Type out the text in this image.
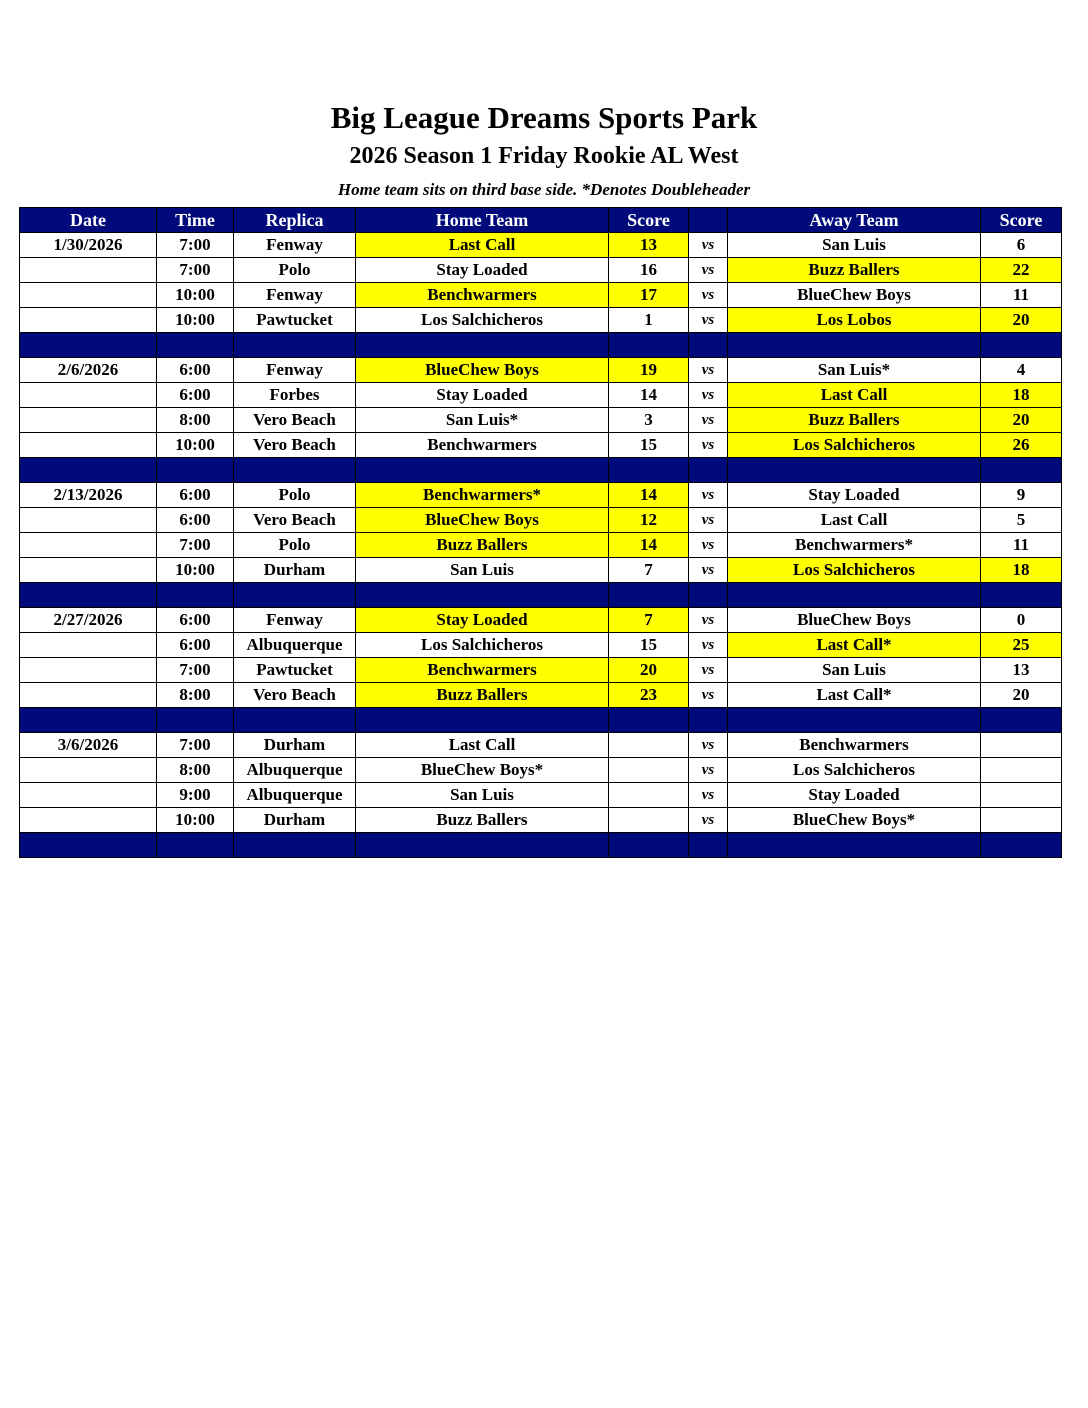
Big League Dreams Sports Park
2026 Season 1 Friday Rookie AL West
Home team sits on third base side. *Denotes Doubleheader
Date	Time	Replica	Home Team	Score		Away Team	Score
1/30/2026	7:00	Fenway	Last Call	13	vs	San Luis	6
	7:00	Polo	Stay Loaded	16	vs	Buzz Ballers	22
	10:00	Fenway	Benchwarmers	17	vs	BlueChew Boys	11
	10:00	Pawtucket	Los Salchicheros	1	vs	Los Lobos	20

2/6/2026	6:00	Fenway	BlueChew Boys	19	vs	San Luis*	4
	6:00	Forbes	Stay Loaded	14	vs	Last Call	18
	8:00	Vero Beach	San Luis*	3	vs	Buzz Ballers	20
	10:00	Vero Beach	Benchwarmers	15	vs	Los Salchicheros	26

2/13/2026	6:00	Polo	Benchwarmers*	14	vs	Stay Loaded	9
	6:00	Vero Beach	BlueChew Boys	12	vs	Last Call	5
	7:00	Polo	Buzz Ballers	14	vs	Benchwarmers*	11
	10:00	Durham	San Luis	7	vs	Los Salchicheros	18

2/27/2026	6:00	Fenway	Stay Loaded	7	vs	BlueChew Boys	0
	6:00	Albuquerque	Los Salchicheros	15	vs	Last Call*	25
	7:00	Pawtucket	Benchwarmers	20	vs	San Luis	13
	8:00	Vero Beach	Buzz Ballers	23	vs	Last Call*	20

3/6/2026	7:00	Durham	Last Call		vs	Benchwarmers	
	8:00	Albuquerque	BlueChew Boys*		vs	Los Salchicheros	
	9:00	Albuquerque	San Luis		vs	Stay Loaded	
	10:00	Durham	Buzz Ballers		vs	BlueChew Boys*	
